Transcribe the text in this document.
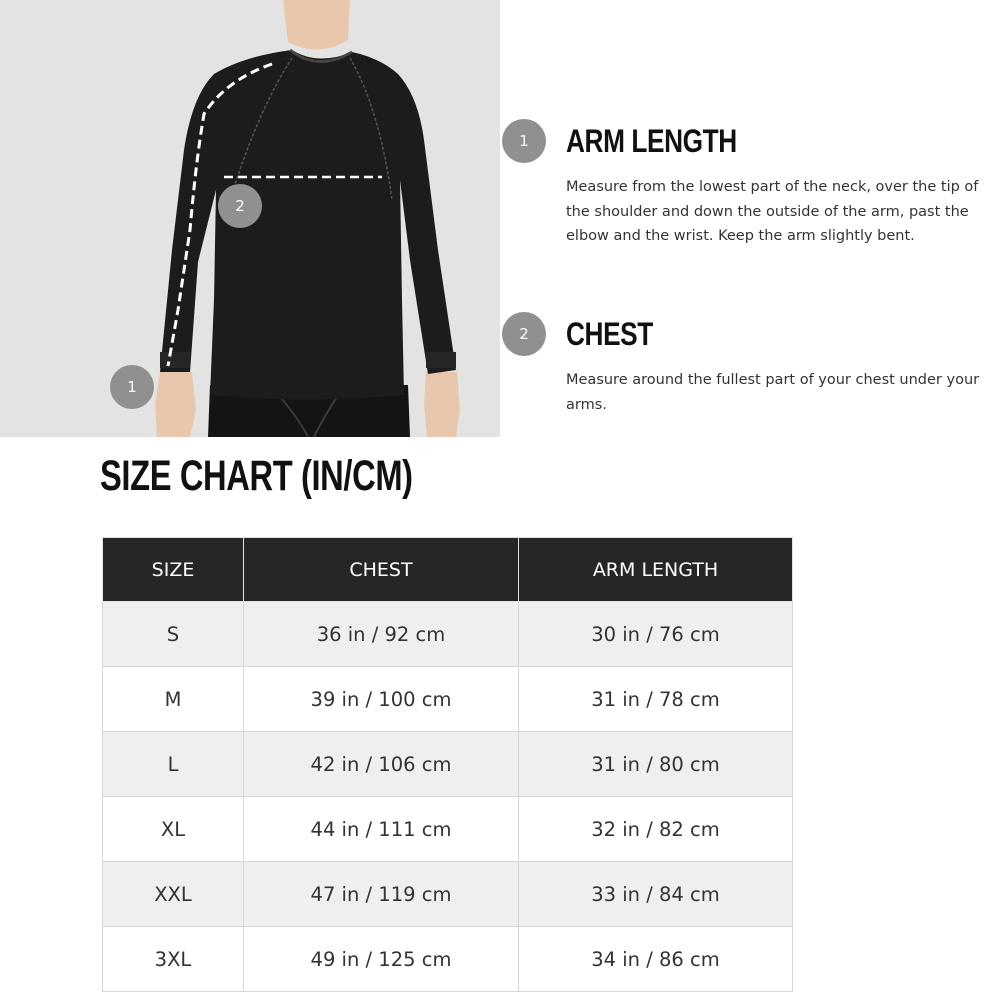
2
1
1	ARM LENGTH
Measure from the lowest part of the neck, over the tip of the shoulder and down the outside of the arm, past the elbow and the wrist. Keep the arm slightly bent.
2	CHEST
Measure around the fullest part of your chest under your arms.
SIZE CHART (IN/CM)
SIZE	CHEST	ARM LENGTH
S	36 in / 92 cm	30 in / 76 cm
M	39 in / 100 cm	31 in / 78 cm
L	42 in / 106 cm	31 in / 80 cm
XL	44 in / 111 cm	32 in / 82 cm
XXL	47 in / 119 cm	33 in / 84 cm
3XL	49 in / 125 cm	34 in / 86 cm
